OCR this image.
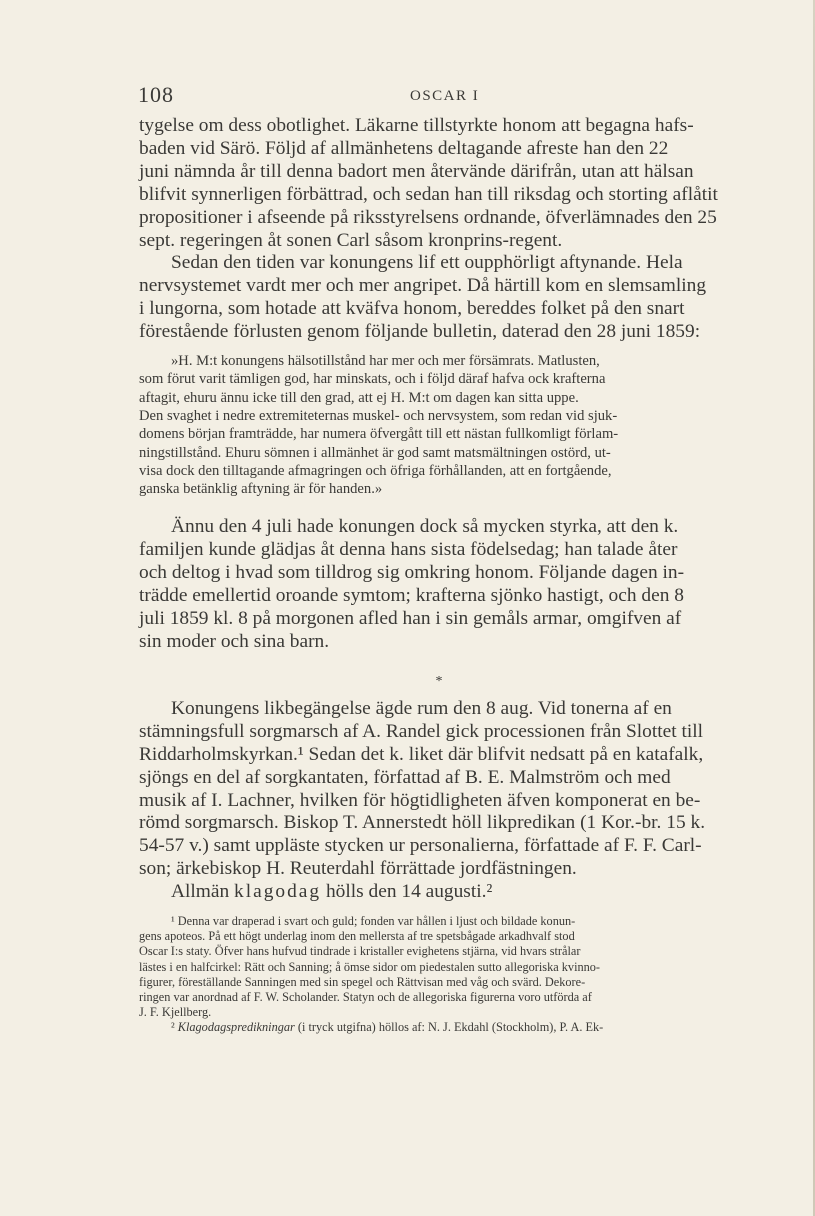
108	OSCAR I
tygelse om dess obotlighet. Läkarne tillstyrkte honom att begagna hafs-
baden vid Särö. Följd af allmänhetens deltagande afreste han den 22
juni nämnda år till denna badort men återvände därifrån, utan att hälsan
blifvit synnerligen förbättrad, och sedan han till riksdag och storting aflåtit
propositioner i afseende på riksstyrelsens ordnande, öfverlämnades den 25
sept. regeringen åt sonen Carl såsom kronprins-regent.
Sedan den tiden var konungens lif ett oupphörligt aftynande. Hela
nervsystemet vardt mer och mer angripet. Då härtill kom en slemsamling
i lungorna, som hotade att kväfva honom, bereddes folket på den snart
förestående förlusten genom följande bulletin, daterad den 28 juni 1859:
»H. M:t konungens hälsotillstånd har mer och mer försämrats. Matlusten,
som förut varit tämligen god, har minskats, och i följd däraf hafva ock krafterna
aftagit, ehuru ännu icke till den grad, att ej H. M:t om dagen kan sitta uppe.
Den svaghet i nedre extremiteternas muskel- och nervsystem, som redan vid sjuk-
domens början framträdde, har numera öfvergått till ett nästan fullkomligt förlam-
ningstillstånd. Ehuru sömnen i allmänhet är god samt matsmältningen ostörd, ut-
visa dock den tilltagande afmagringen och öfriga förhållanden, att en fortgående,
ganska betänklig aftyning är för handen.»
Ännu den 4 juli hade konungen dock så mycken styrka, att den k.
familjen kunde glädjas åt denna hans sista födelsedag; han talade åter
och deltog i hvad som tilldrog sig omkring honom. Följande dagen in-
trädde emellertid oroande symtom; krafterna sjönko hastigt, och den 8
juli 1859 kl. 8 på morgonen afled han i sin gemåls armar, omgifven af
sin moder och sina barn.
*
Konungens likbegängelse ägde rum den 8 aug. Vid tonerna af en
stämningsfull sorgmarsch af A. Randel gick processionen från Slottet till
Riddarholmskyrkan.¹ Sedan det k. liket där blifvit nedsatt på en katafalk,
sjöngs en del af sorgkantaten, författad af B. E. Malmström och med
musik af I. Lachner, hvilken för högtidligheten äfven komponerat en be-
römd sorgmarsch. Biskop T. Annerstedt höll likpredikan (1 Kor.-br. 15 k.
54-57 v.) samt uppläste stycken ur personalierna, författade af F. F. Carl-
son; ärkebiskop H. Reuterdahl förrättade jordfästningen.
Allmän klagodag hölls den 14 augusti.²
¹ Denna var draperad i svart och guld; fonden var hållen i ljust och bildade konun-
gens apoteos. På ett högt underlag inom den mellersta af tre spetsbågade arkadhvalf stod
Oscar I:s staty. Öfver hans hufvud tindrade i kristaller evighetens stjärna, vid hvars strålar
lästes i en halfcirkel: Rätt och Sanning; å ömse sidor om piedestalen sutto allegoriska kvinno-
figurer, föreställande Sanningen med sin spegel och Rättvisan med våg och svärd. Dekore-
ringen var anordnad af F. W. Scholander. Statyn och de allegoriska figurerna voro utförda af
J. F. Kjellberg.
² Klagodagspredikningar (i tryck utgifna) höllos af: N. J. Ekdahl (Stockholm), P. A. Ek-
